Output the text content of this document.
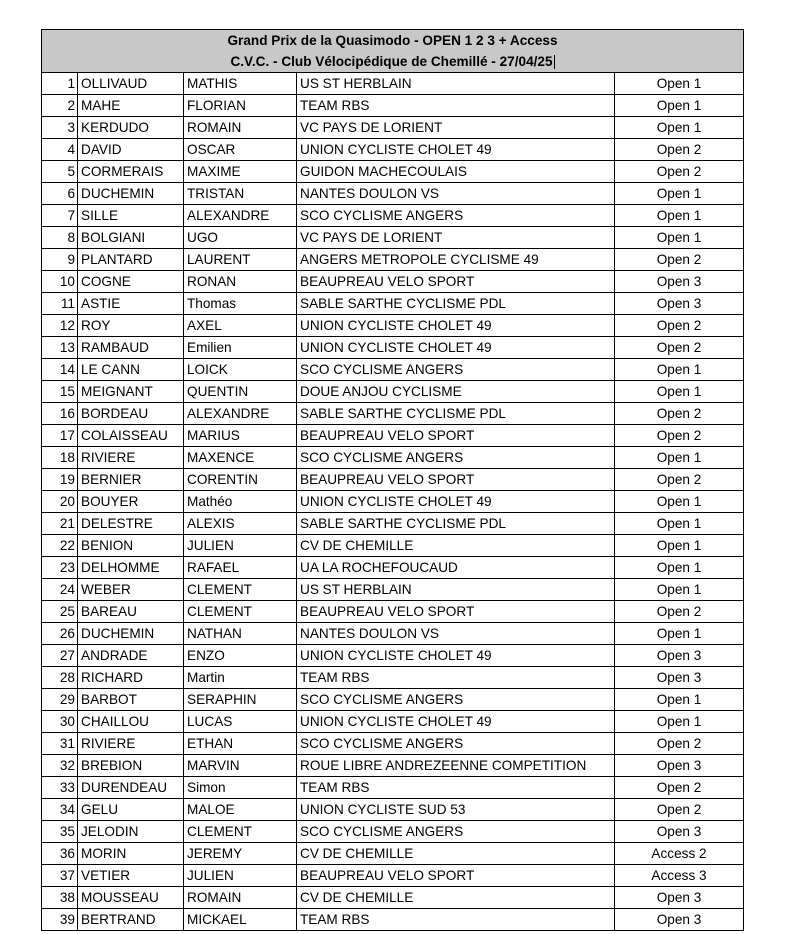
Grand Prix de la Quasimodo - OPEN 1 2 3 + Access				
C.V.C. - Club Vélocipédique de Chemillé - 27/04/25				
1	OLLIVAUD	MATHIS	US ST HERBLAIN	Open 1
2	MAHE	FLORIAN	TEAM RBS	Open 1
3	KERDUDO	ROMAIN	VC PAYS DE LORIENT	Open 1
4	DAVID	OSCAR	UNION CYCLISTE CHOLET 49	Open 2
5	CORMERAIS	MAXIME	GUIDON MACHECOULAIS	Open 2
6	DUCHEMIN	TRISTAN	NANTES DOULON VS	Open 1
7	SILLE	ALEXANDRE	SCO CYCLISME ANGERS	Open 1
8	BOLGIANI	UGO	VC PAYS DE LORIENT	Open 1
9	PLANTARD	LAURENT	ANGERS METROPOLE CYCLISME 49	Open 2
10	COGNE	RONAN	BEAUPREAU VELO SPORT	Open 3
11	ASTIE	Thomas	SABLE SARTHE CYCLISME PDL	Open 3
12	ROY	AXEL	UNION CYCLISTE CHOLET 49	Open 2
13	RAMBAUD	Emilien	UNION CYCLISTE CHOLET 49	Open 2
14	LE CANN	LOICK	SCO CYCLISME ANGERS	Open 1
15	MEIGNANT	QUENTIN	DOUE ANJOU CYCLISME	Open 1
16	BORDEAU	ALEXANDRE	SABLE SARTHE CYCLISME PDL	Open 2
17	COLAISSEAU	MARIUS	BEAUPREAU VELO SPORT	Open 2
18	RIVIERE	MAXENCE	SCO CYCLISME ANGERS	Open 1
19	BERNIER	CORENTIN	BEAUPREAU VELO SPORT	Open 2
20	BOUYER	Mathéo	UNION CYCLISTE CHOLET 49	Open 1
21	DELESTRE	ALEXIS	SABLE SARTHE CYCLISME PDL	Open 1
22	BENION	JULIEN	CV DE CHEMILLE	Open 1
23	DELHOMME	RAFAEL	UA LA ROCHEFOUCAUD	Open 1
24	WEBER	CLEMENT	US ST HERBLAIN	Open 1
25	BAREAU	CLEMENT	BEAUPREAU VELO SPORT	Open 2
26	DUCHEMIN	NATHAN	NANTES DOULON VS	Open 1
27	ANDRADE	ENZO	UNION CYCLISTE CHOLET 49	Open 3
28	RICHARD	Martin	TEAM RBS	Open 3
29	BARBOT	SERAPHIN	SCO CYCLISME ANGERS	Open 1
30	CHAILLOU	LUCAS	UNION CYCLISTE CHOLET 49	Open 1
31	RIVIERE	ETHAN	SCO CYCLISME ANGERS	Open 2
32	BREBION	MARVIN	ROUE LIBRE ANDREZEENNE COMPETITION	Open 3
33	DURENDEAU	Simon	TEAM RBS	Open 2
34	GELU	MALOE	UNION CYCLISTE SUD 53	Open 2
35	JELODIN	CLEMENT	SCO CYCLISME ANGERS	Open 3
36	MORIN	JEREMY	CV DE CHEMILLE	Access 2
37	VETIER	JULIEN	BEAUPREAU VELO SPORT	Access 3
38	MOUSSEAU	ROMAIN	CV DE CHEMILLE	Open 3
39	BERTRAND	MICKAEL	TEAM RBS	Open 3
